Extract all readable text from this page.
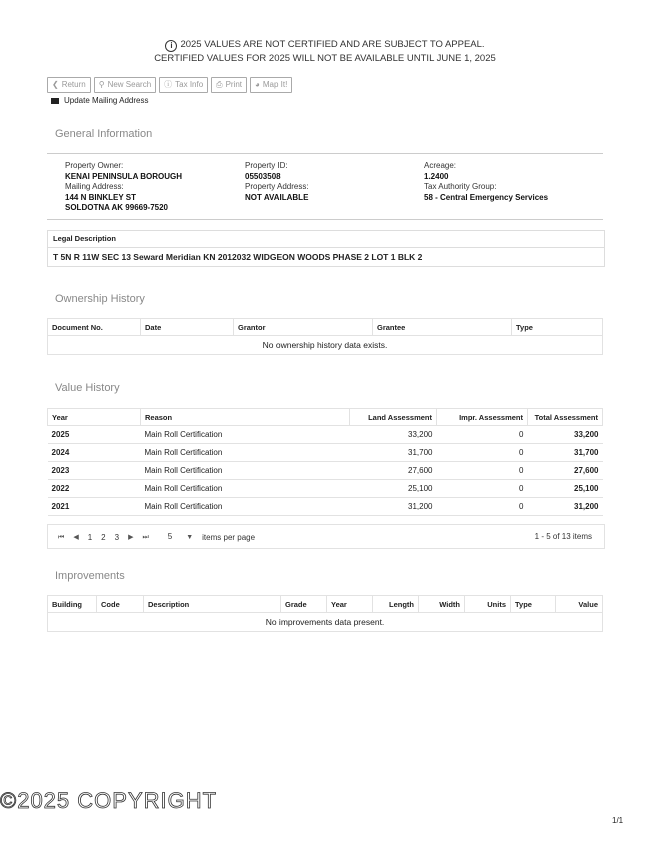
i 2025 VALUES ARE NOT CERTIFIED AND ARE SUBJECT TO APPEAL.
CERTIFIED VALUES FOR 2025 WILL NOT BE AVAILABLE UNTIL JUNE 1, 2025
❮ Return ⚲ New Search ⓘ Tax Info ⎙ Print ◕ Map It!
Update Mailing Address
General Information
Property Owner:
KENAI PENINSULA BOROUGH
Mailing Address:
144 N BINKLEY ST
SOLDOTNA AK 99669-7520
Property ID:
05503508
Property Address:
NOT AVAILABLE
Acreage:
1.2400
Tax Authority Group:
58 - Central Emergency Services
Legal Description
T 5N R 11W SEC 13 Seward Meridian KN 2012032 WIDGEON WOODS PHASE 2 LOT 1 BLK 2
Ownership History
Document No.	Date	Grantor	Grantee	Type
No ownership history data exists.
Value History
Year	Reason	Land Assessment	Impr. Assessment	Total Assessment
2025	Main Roll Certification	33,200	0	33,200
2024	Main Roll Certification	31,700	0	31,700
2023	Main Roll Certification	27,600	0	27,600
2022	Main Roll Certification	25,100	0	25,100
2021	Main Roll Certification	31,200	0	31,200
⏮ ◀ 1 2 3 ▶ ⏭ 5 ▼ items per page	1 - 5 of 13 items
Improvements
Building	Code	Description	Grade	Year	Length	Width	Units	Type	Value
No improvements data present.
©2025 COPYRIGHT
1/1
